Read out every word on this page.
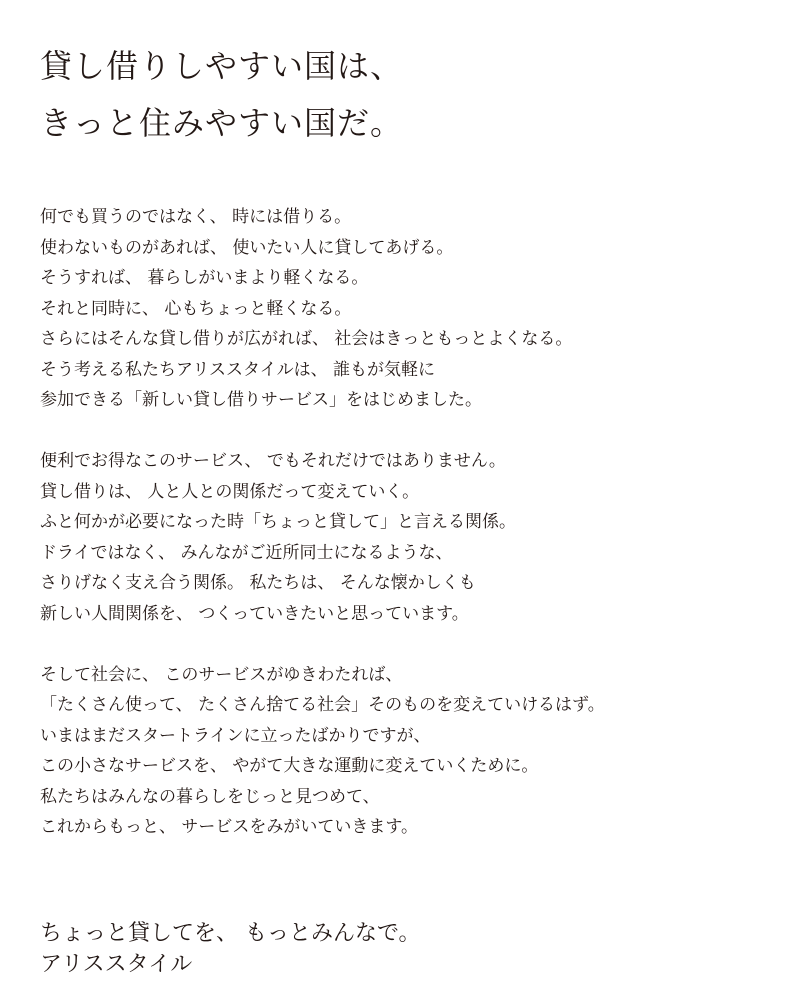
貸し借りしやすい国は、
きっと住みやすい国だ。

何でも買うのではなく、 時には借りる。
使わないものがあれば、 使いたい人に貸してあげる。
そうすれば、 暮らしがいまより軽くなる。
それと同時に、 心もちょっと軽くなる。
さらにはそんな貸し借りが広がれば、 社会はきっともっとよくなる。
そう考える私たちアリススタイルは、 誰もが気軽に
参加できる「新しい貸し借りサービス」をはじめました。

便利でお得なこのサービス、 でもそれだけではありません。
貸し借りは、 人と人との関係だって変えていく。
ふと何かが必要になった時「ちょっと貸して」と言える関係。
ドライではなく、 みんながご近所同士になるような、
さりげなく支え合う関係。 私たちは、 そんな懐かしくも
新しい人間関係を、 つくっていきたいと思っています。

そして社会に、 このサービスがゆきわたれば、
「たくさん使って、 たくさん捨てる社会」そのものを変えていけるはず。
いまはまだスタートラインに立ったばかりですが、
この小さなサービスを、 やがて大きな運動に変えていくために。
私たちはみんなの暮らしをじっと見つめて、
これからもっと、 サービスをみがいていきます。

ちょっと貸してを、 もっとみんなで。
アリススタイル
